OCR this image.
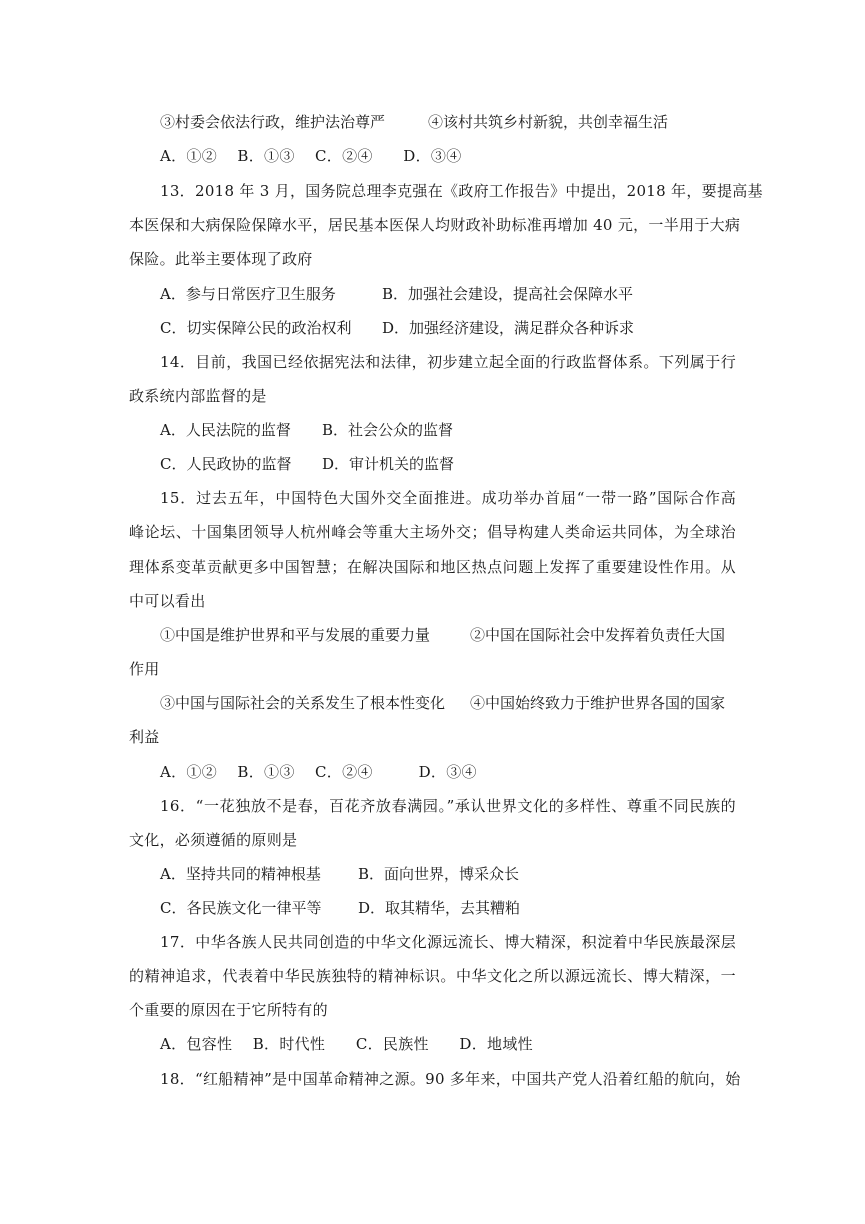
③村委会依法行政，维护法治尊严	④该村共筑乡村新貌，共创幸福生活
A．①②　 B．①③　 C．②④　　D．③④
13．2018 年 3 月，国务院总理李克强在《政府工作报告》中提出，2018 年，要提高基
本医保和大病保险保障水平，居民基本医保人均财政补助标准再增加 40 元，一半用于大病
保险。此举主要体现了政府
A．参与日常医疗卫生服务	B．加强社会建设，提高社会保障水平
C．切实保障公民的政治权利 D．加强经济建设，满足群众各种诉求
14．目前，我国已经依据宪法和法律，初步建立起全面的行政监督体系。下列属于行
政系统内部监督的是
A．人民法院的监督 B．社会公众的监督
C．人民政协的监督 D．审计机关的监督
15．过去五年，中国特色大国外交全面推进。成功举办首届“一带一路”国际合作高
峰论坛、十国集团领导人杭州峰会等重大主场外交；倡导构建人类命运共同体，为全球治
理体系变革贡献更多中国智慧；在解决国际和地区热点问题上发挥了重要建设性作用。从
中可以看出
①中国是维护世界和平与发展的重要力量	②中国在国际社会中发挥着负责任大国
作用
③中国与国际社会的关系发生了根本性变化 ④中国始终致力于维护世界各国的国家
利益
A．①②　 B．①③　 C．②④　　　D．③④
16．“一花独放不是春，百花齐放春满园。”承认世界文化的多样性、尊重不同民族的
文化，必须遵循的原则是
A．坚持共同的精神根基 B．面向世界，博采众长
C．各民族文化一律平等 D．取其精华，去其糟粕
17．中华各族人民共同创造的中华文化源远流长、博大精深，积淀着中华民族最深层
的精神追求，代表着中华民族独特的精神标识。中华文化之所以源远流长、博大精深，一
个重要的原因在于它所特有的
A．包容性　 B．时代性　　C．民族性　　D．地域性
18．“红船精神”是中国革命精神之源。90 多年来，中国共产党人沿着红船的航向，始
